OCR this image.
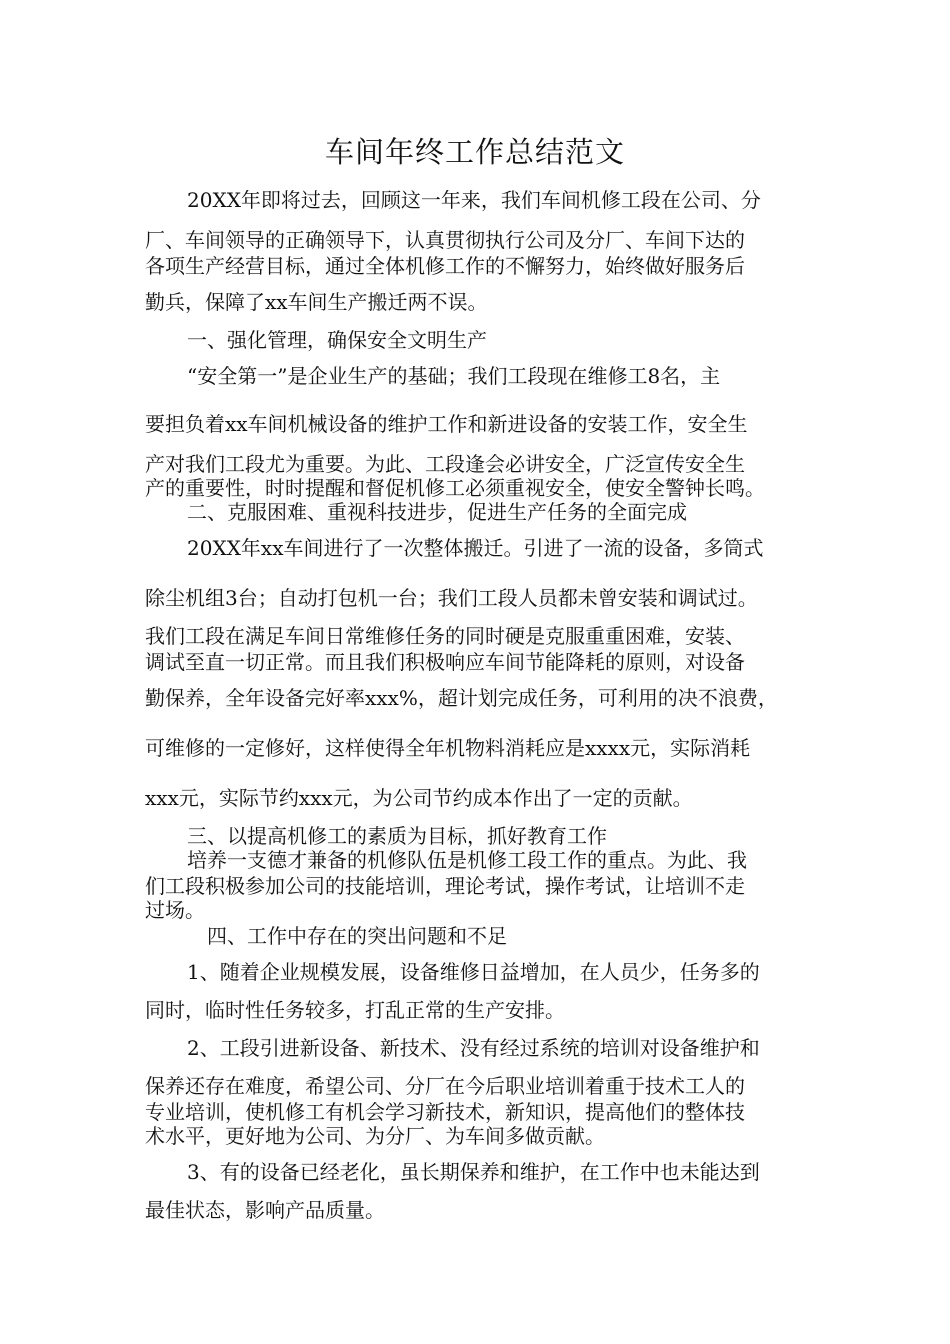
车间年终工作总结范文
20XX年即将过去，回顾这一年来，我们车间机修工段在公司、分
厂、车间领导的正确领导下，认真贯彻执行公司及分厂、车间下达的
各项生产经营目标，通过全体机修工作的不懈努力，始终做好服务后
勤兵，保障了xx车间生产搬迁两不误。
一、强化管理，确保安全文明生产
“安全第一”是企业生产的基础；我们工段现在维修工8名，主
要担负着xx车间机械设备的维护工作和新进设备的安装工作，安全生
产对我们工段尤为重要。为此、工段逢会必讲安全，广泛宣传安全生
产的重要性，时时提醒和督促机修工必须重视安全，使安全警钟长鸣。
二、克服困难、重视科技进步，促进生产任务的全面完成
20XX年xx车间进行了一次整体搬迁。引进了一流的设备，多筒式
除尘机组3台；自动打包机一台；我们工段人员都未曾安装和调试过。
我们工段在满足车间日常维修任务的同时硬是克服重重困难，安装、
调试至直一切正常。而且我们积极响应车间节能降耗的原则，对设备
勤保养，全年设备完好率xxx%，超计划完成任务，可利用的决不浪费，
可维修的一定修好，这样使得全年机物料消耗应是xxxx元，实际消耗
xxx元，实际节约xxx元，为公司节约成本作出了一定的贡献。
三、以提高机修工的素质为目标，抓好教育工作
培养一支德才兼备的机修队伍是机修工段工作的重点。为此、我
们工段积极参加公司的技能培训，理论考试，操作考试，让培训不走
过场。
四、工作中存在的突出问题和不足
1、随着企业规模发展，设备维修日益增加，在人员少，任务多的
同时，临时性任务较多，打乱正常的生产安排。
2、工段引进新设备、新技术、没有经过系统的培训对设备维护和
保养还存在难度，希望公司、分厂在今后职业培训着重于技术工人的
专业培训，使机修工有机会学习新技术，新知识，提高他们的整体技
术水平，更好地为公司、为分厂、为车间多做贡献。
3、有的设备已经老化，虽长期保养和维护，在工作中也未能达到
最佳状态，影响产品质量。
